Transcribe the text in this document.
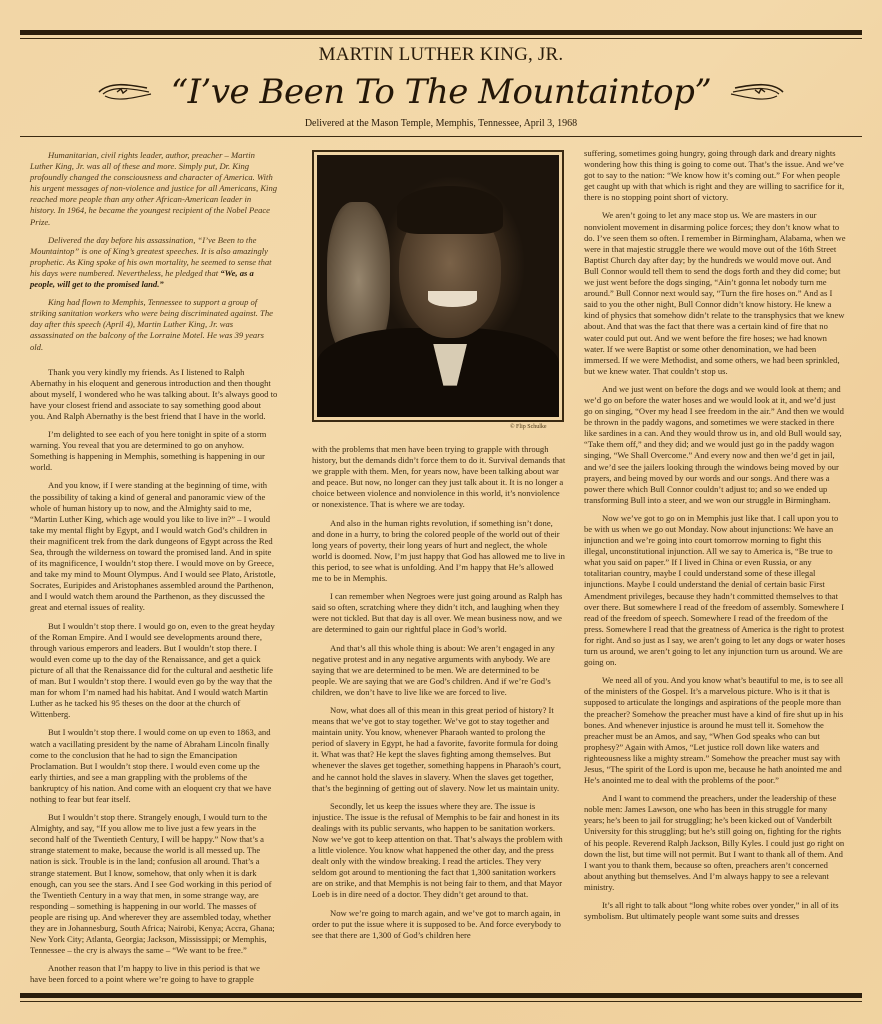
MARTIN LUTHER KING, JR.
“I’ve Been To The Mountaintop”
Delivered at the Mason Temple, Memphis, Tennessee, April 3, 1968

Humanitarian, civil rights leader, author, preacher – Martin Luther King, Jr. was all of these and more. Simply put, Dr. King profoundly changed the consciousness and character of America. With his urgent messages of non-violence and justice for all Americans, King reached more people than any other African-American leader in history. In 1964, he became the youngest recipient of the Nobel Peace Prize.

Delivered the day before his assassination, “I’ve Been to the Mountaintop” is one of King’s greatest speeches. It is also amazingly prophetic. As King spoke of his own mortality, he seemed to sense that his days were numbered. Nevertheless, he pledged that “We, as a people, will get to the promised land.”

King had flown to Memphis, Tennessee to support a group of striking sanitation workers who were being discriminated against. The day after this speech (April 4), Martin Luther King, Jr. was assassinated on the balcony of the Lorraine Motel. He was 39 years old.

Thank you very kindly my friends. As I listened to Ralph Abernathy in his eloquent and generous introduction and then thought about myself, I wondered who he was talking about. It’s always good to have your closest friend and associate to say something good about you. And Ralph Abernathy is the best friend that I have in the world.

I’m delighted to see each of you here tonight in spite of a storm warning. You reveal that you are determined to go on anyhow. Something is happening in Memphis, something is happening in our world.

And you know, if I were standing at the beginning of time, with the possibility of taking a kind of general and panoramic view of the whole of human history up to now, and the Almighty said to me, “Martin Luther King, which age would you like to live in?” – I would take my mental flight by Egypt, and I would watch God’s children in their magnificent trek from the dark dungeons of Egypt across the Red Sea, through the wilderness on toward the promised land. And in spite of its magnificence, I wouldn’t stop there. I would move on by Greece, and take my mind to Mount Olympus. And I would see Plato, Aristotle, Socrates, Euripides and Aristophanes assembled around the Parthenon, and I would watch them around the Parthenon, as they discussed the great and eternal issues of reality.

But I wouldn’t stop there. I would go on, even to the great heyday of the Roman Empire. And I would see developments around there, through various emperors and leaders. But I wouldn’t stop there. I would even come up to the day of the Renaissance, and get a quick picture of all that the Renaissance did for the cultural and aesthetic life of man. But I wouldn’t stop there. I would even go by the way that the man for whom I’m named had his habitat. And I would watch Martin Luther as he tacked his 95 theses on the door at the church of Wittenberg.

But I wouldn’t stop there. I would come on up even to 1863, and watch a vacillating president by the name of Abraham Lincoln finally come to the conclusion that he had to sign the Emancipation Proclamation. But I wouldn’t stop there. I would even come up the early thirties, and see a man grappling with the problems of the bankruptcy of his nation. And come with an eloquent cry that we have nothing to fear but fear itself.

But I wouldn’t stop there. Strangely enough, I would turn to the Almighty, and say, “If you allow me to live just a few years in the second half of the Twentieth Century, I will be happy.” Now that’s a strange statement to make, because the world is all messed up. The nation is sick. Trouble is in the land; confusion all around. That’s a strange statement. But I know, somehow, that only when it is dark enough, can you see the stars. And I see God working in this period of the Twentieth Century in a way that men, in some strange way, are responding – something is happening in our world. The masses of people are rising up. And wherever they are assembled today, whether they are in Johannesburg, South Africa; Nairobi, Kenya; Accra, Ghana; New York City; Atlanta, Georgia; Jackson, Mississippi; or Memphis, Tennessee – the cry is always the same – “We want to be free.”

Another reason that I’m happy to live in this period is that we have been forced to a point where we’re going to have to grapple

© Flip Schulke

with the problems that men have been trying to grapple with through history, but the demands didn’t force them to do it. Survival demands that we grapple with them. Men, for years now, have been talking about war and peace. But now, no longer can they just talk about it. It is no longer a choice between violence and nonviolence in this world, it’s nonviolence or nonexistence. That is where we are today.

And also in the human rights revolution, if something isn’t done, and done in a hurry, to bring the colored people of the world out of their long years of poverty, their long years of hurt and neglect, the whole world is doomed. Now, I’m just happy that God has allowed me to live in this period, to see what is unfolding. And I’m happy that He’s allowed me to be in Memphis.

I can remember when Negroes were just going around as Ralph has said so often, scratching where they didn’t itch, and laughing when they were not tickled. But that day is all over. We mean business now, and we are determined to gain our rightful place in God’s world.

And that’s all this whole thing is about: We aren’t engaged in any negative protest and in any negative arguments with anybody. We are saying that we are determined to be men. We are determined to be people. We are saying that we are God’s children. And if we’re God’s children, we don’t have to live like we are forced to live.

Now, what does all of this mean in this great period of history? It means that we’ve got to stay together. We’ve got to stay together and maintain unity. You know, whenever Pharaoh wanted to prolong the period of slavery in Egypt, he had a favorite, favorite formula for doing it. What was that? He kept the slaves fighting among themselves. But whenever the slaves get together, something happens in Pharaoh’s court, and he cannot hold the slaves in slavery. When the slaves get together, that’s the beginning of getting out of slavery. Now let us maintain unity.

Secondly, let us keep the issues where they are. The issue is injustice. The issue is the refusal of Memphis to be fair and honest in its dealings with its public servants, who happen to be sanitation workers. Now we’ve got to keep attention on that. That’s always the problem with a little violence. You know what happened the other day, and the press dealt only with the window breaking. I read the articles. They very seldom got around to mentioning the fact that 1,300 sanitation workers are on strike, and that Memphis is not being fair to them, and that Mayor Loeb is in dire need of a doctor. They didn’t get around to that.

Now we’re going to march again, and we’ve got to march again, in order to put the issue where it is supposed to be. And force everybody to see that there are 1,300 of God’s children here

suffering, sometimes going hungry, going through dark and dreary nights wondering how this thing is going to come out. That’s the issue. And we’ve got to say to the nation: “We know how it’s coming out.” For when people get caught up with that which is right and they are willing to sacrifice for it, there is no stopping point short of victory.

We aren’t going to let any mace stop us. We are masters in our nonviolent movement in disarming police forces; they don’t know what to do. I’ve seen them so often. I remember in Birmingham, Alabama, when we were in that majestic struggle there we would move out of the 16th Street Baptist Church day after day; by the hundreds we would move out. And Bull Connor would tell them to send the dogs forth and they did come; but we just went before the dogs singing, “Ain’t gonna let nobody turn me around.” Bull Connor next would say, “Turn the fire hoses on.” And as I said to you the other night, Bull Connor didn’t know history. He knew a kind of physics that somehow didn’t relate to the transphysics that we knew about. And that was the fact that there was a certain kind of fire that no water could put out. And we went before the fire hoses; we had known water. If we were Baptist or some other denomination, we had been immersed. If we were Methodist, and some others, we had been sprinkled, but we knew water. That couldn’t stop us.

And we just went on before the dogs and we would look at them; and we’d go on before the water hoses and we would look at it, and we’d just go on singing, “Over my head I see freedom in the air.” And then we would be thrown in the paddy wagons, and sometimes we were stacked in there like sardines in a can. And they would throw us in, and old Bull would say, “Take them off,” and they did; and we would just go in the paddy wagon singing, “We Shall Overcome.” And every now and then we’d get in jail, and we’d see the jailers looking through the windows being moved by our prayers, and being moved by our words and our songs. And there was a power there which Bull Connor couldn’t adjust to; and so we ended up transforming Bull into a steer, and we won our struggle in Birmingham.

Now we’ve got to go on in Memphis just like that. I call upon you to be with us when we go out Monday. Now about injunctions: We have an injunction and we’re going into court tomorrow morning to fight this illegal, unconstitutional injunction. All we say to America is, “Be true to what you said on paper.” If I lived in China or even Russia, or any totalitarian country, maybe I could understand some of these illegal injunctions. Maybe I could understand the denial of certain basic First Amendment privileges, because they hadn’t committed themselves to that over there. But somewhere I read of the freedom of assembly. Somewhere I read of the freedom of speech. Somewhere I read of the freedom of the press. Somewhere I read that the greatness of America is the right to protest for right. And so just as I say, we aren’t going to let any dogs or water hoses turn us around, we aren’t going to let any injunction turn us around. We are going on.

We need all of you. And you know what’s beautiful to me, is to see all of the ministers of the Gospel. It’s a marvelous picture. Who is it that is supposed to articulate the longings and aspirations of the people more than the preacher? Somehow the preacher must have a kind of fire shut up in his bones. And whenever injustice is around he must tell it. Somehow the preacher must be an Amos, and say, “When God speaks who can but prophesy?” Again with Amos, “Let justice roll down like waters and righteousness like a mighty stream.” Somehow the preacher must say with Jesus, “The spirit of the Lord is upon me, because he hath anointed me and He’s anointed me to deal with the problems of the poor.”

And I want to commend the preachers, under the leadership of these noble men: James Lawson, one who has been in this struggle for many years; he’s been to jail for struggling; he’s been kicked out of Vanderbilt University for this struggling; but he’s still going on, fighting for the rights of his people. Reverend Ralph Jackson, Billy Kyles. I could just go right on down the list, but time will not permit. But I want to thank all of them. And I want you to thank them, because so often, preachers aren’t concerned about anything but themselves. And I’m always happy to see a relevant ministry.

It’s all right to talk about “long white robes over yonder,” in all of its symbolism. But ultimately people want some suits and dresses
